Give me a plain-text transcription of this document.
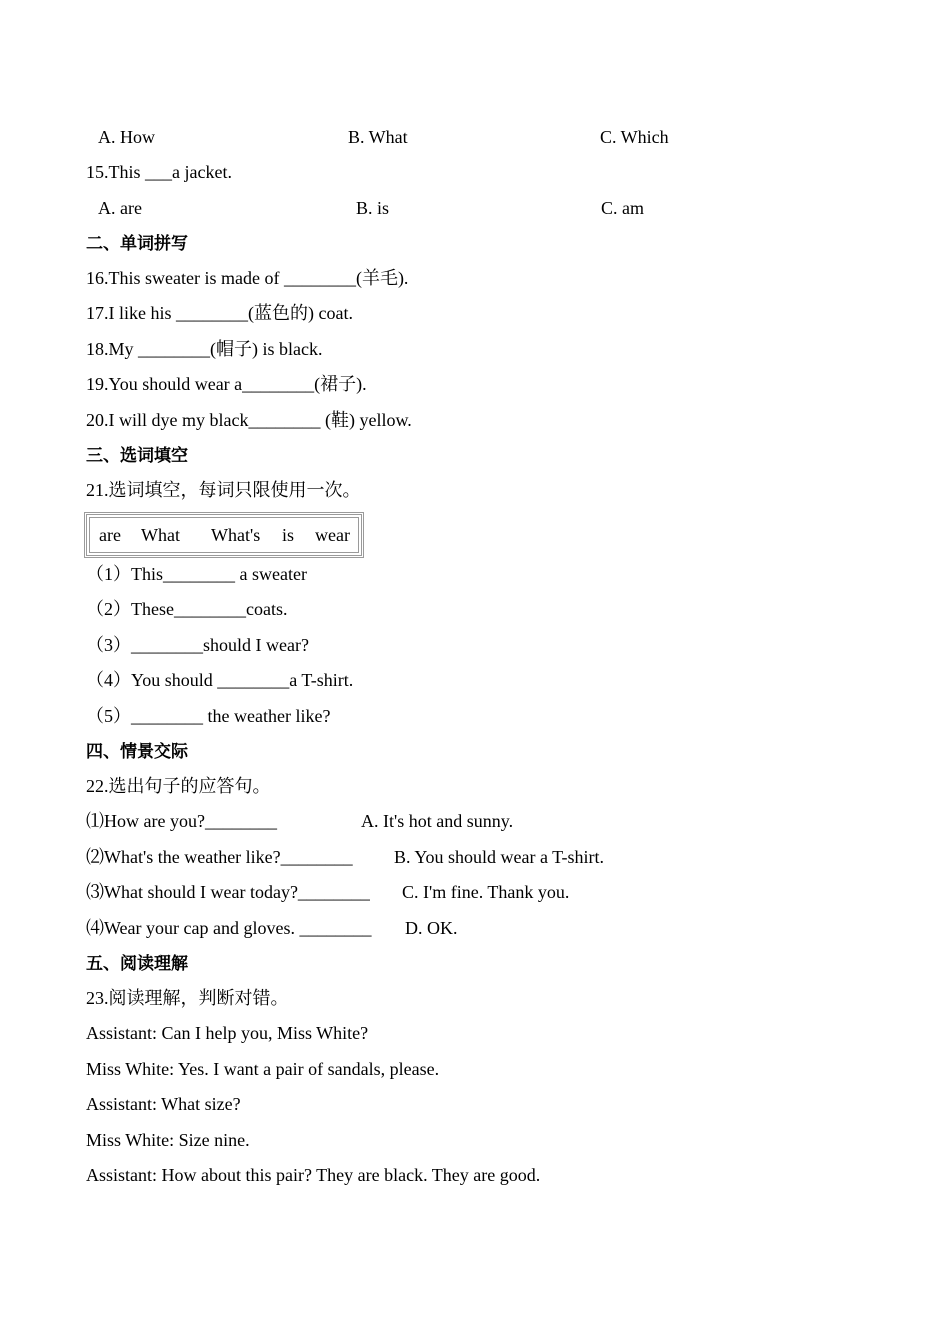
A. How	B. What	C. Which
15.This ___a jacket.
A. are	B. is	C. am
二、单词拼写
16.This sweater is made of ________(羊毛).
17.I like his ________(蓝色的) coat.
18.My ________(帽子) is black.
19.You should wear a________(裙子).
20.I will dye my black________ (鞋) yellow.
三、选词填空
21.选词填空，每词只限使用一次。
are What What's is wear
（1）This________ a sweater
（2）These________coats.
（3）________should I wear?
（4）You should ________a T-shirt.
（5）________ the weather like?
四、情景交际
22.选出句子的应答句。
⑴How are you?________	A. It's hot and sunny.
⑵What's the weather like?________ B. You should wear a T-shirt.
⑶What should I wear today?________ C. I'm fine. Thank you.
⑷Wear your cap and gloves. ________ D. OK.
五、阅读理解
23.阅读理解，判断对错。
Assistant: Can I help you, Miss White?
Miss White: Yes. I want a pair of sandals, please.
Assistant: What size?
Miss White: Size nine.
Assistant: How about this pair? They are black. They are good.
